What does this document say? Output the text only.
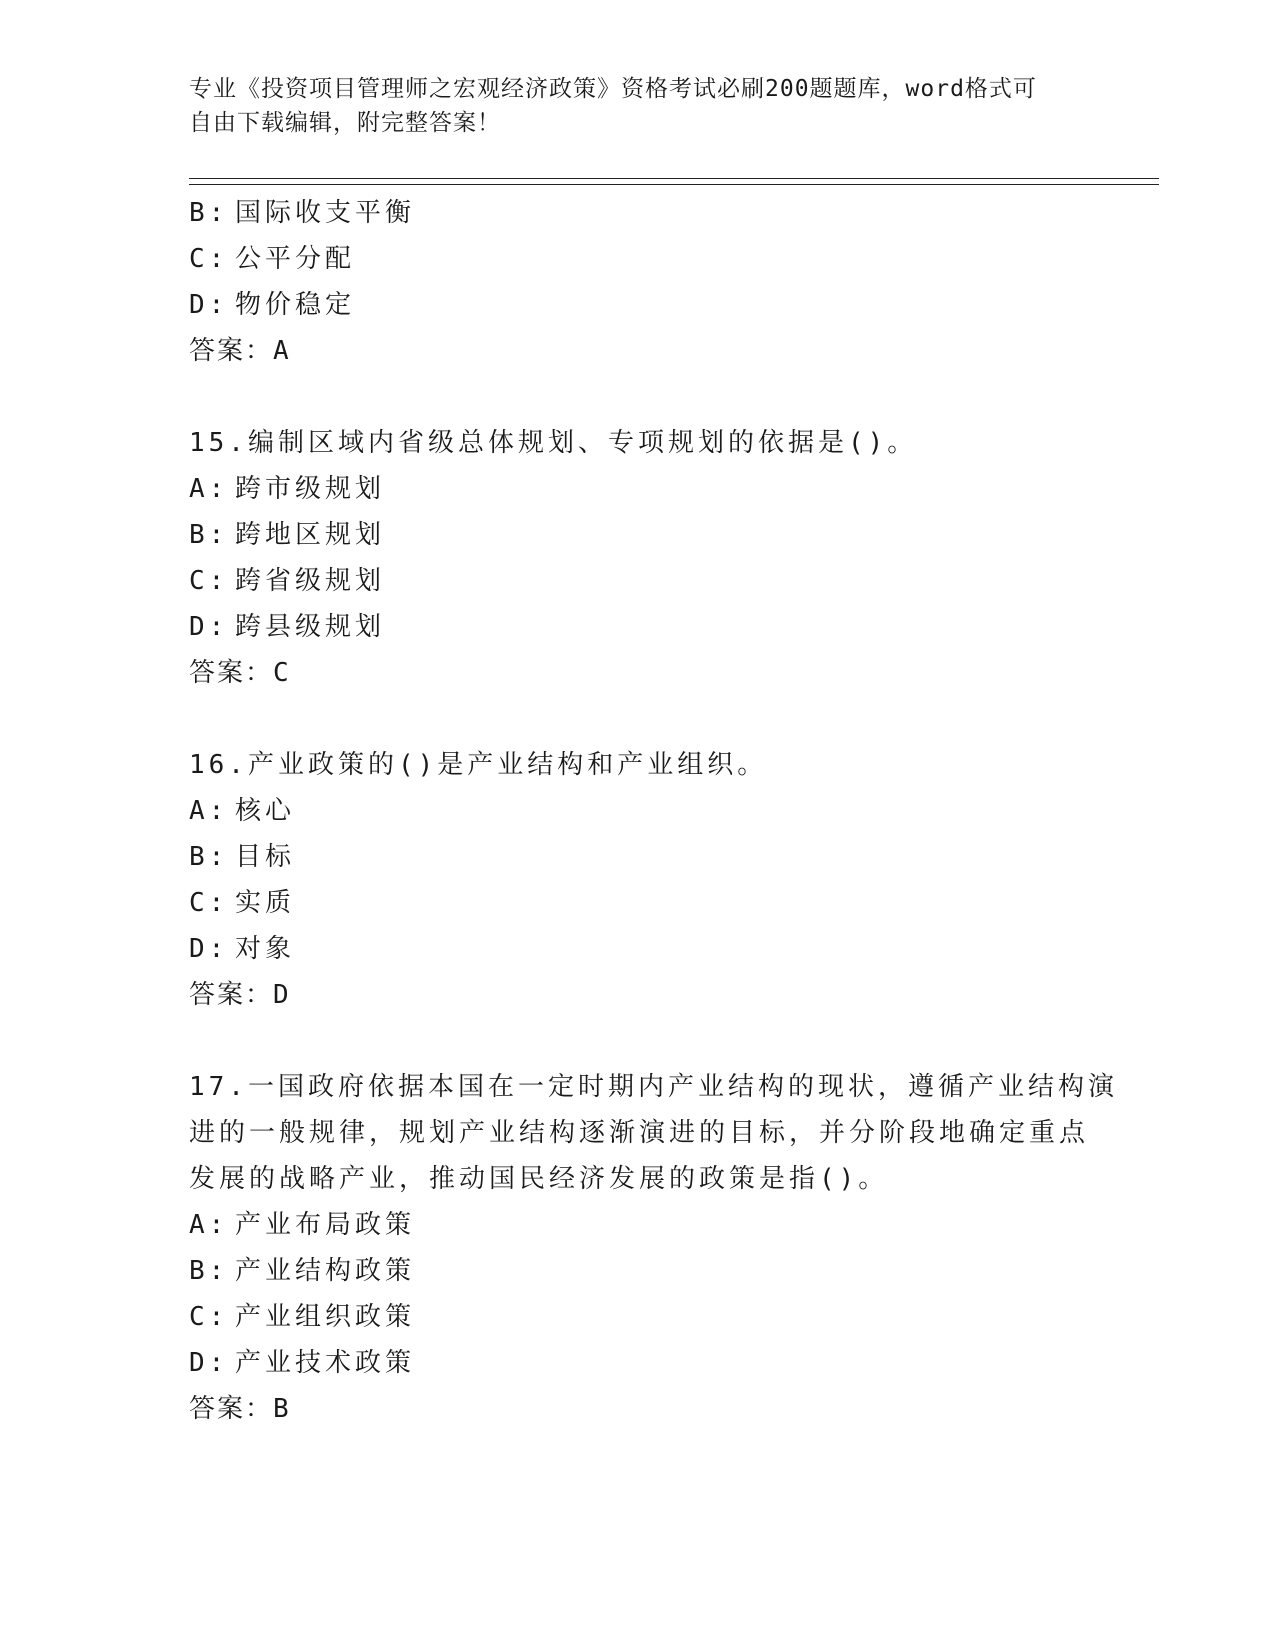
专业《投资项目管理师之宏观经济政策》资格考试必刷200题题库，word格式可
自由下载编辑，附完整答案！
B: 国际收支平衡
C: 公平分配
D: 物价稳定
答案：A
15.编制区域内省级总体规划、专项规划的依据是()。
A: 跨市级规划
B: 跨地区规划
C: 跨省级规划
D: 跨县级规划
答案：C
16.产业政策的()是产业结构和产业组织。
A: 核心
B: 目标
C: 实质
D: 对象
答案：D
17.一国政府依据本国在一定时期内产业结构的现状，遵循产业结构演
进的一般规律，规划产业结构逐渐演进的目标，并分阶段地确定重点
发展的战略产业，推动国民经济发展的政策是指()。
A: 产业布局政策
B: 产业结构政策
C: 产业组织政策
D: 产业技术政策
答案：B
